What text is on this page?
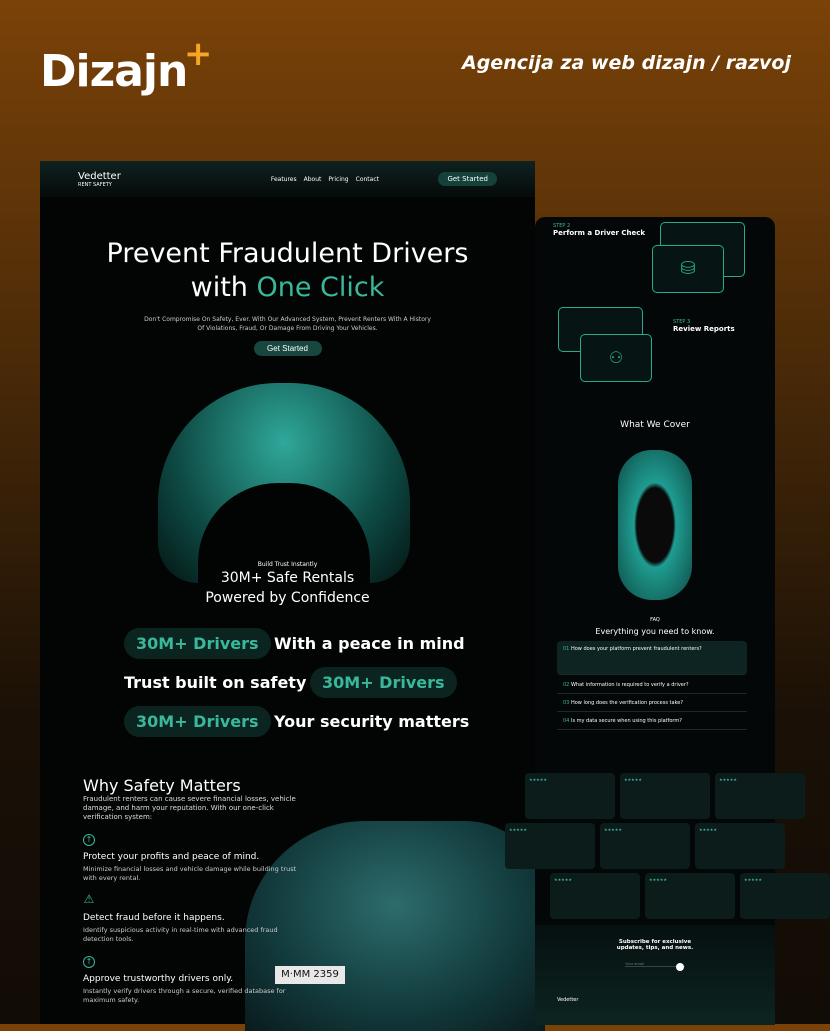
Dizajn
+	Agencija za web dizajn / razvoj
Vedetter
RENT SAFETY
Features About Pricing Contact	Get Started
Prevent Fraudulent Drivers
with One Click

Don't Compromise On Safety, Ever. With Our Advanced System, Prevent Renters With A History Of Violations, Fraud, Or Damage From Driving Your Vehicles.

Get Started
Build Trust Instantly
30M+ Safe Rentals
Powered by Confidence
30M+ Drivers With a peace in mind
Trust built on safety 30M+ Drivers
30M+ Drivers Your security matters
M·MM 2359
Why Safety Matters

Fraudulent renters can cause severe financial losses, vehicle damage, and harm your reputation. With our one-click verification system:

↑
Protect your profits and peace of mind.
Minimize financial losses and vehicle damage while building trust with every rental.
⚠
Detect fraud before it happens.
Identify suspicious activity in real-time with advanced fraud detection tools.
↑
Approve trustworthy drivers only.
Instantly verify drivers through a secure, verified database for maximum safety.
STEP 2
Perform a Driver Check
⛁
⚇
STEP 3
Review Reports
What We Cover
FAQ
Everything you need to know.
01 How does your platform prevent fraudulent renters?
02 What information is required to verify a driver?
03 How long does the verification process take?
04 Is my data secure when using this platform?
★★★★★	★★★★★	★★★★★
★★★★★	★★★★★	★★★★★
★★★★★	★★★★★	★★★★★
Subscribe for exclusive updates, tips, and news.
Your email
Vedetter
